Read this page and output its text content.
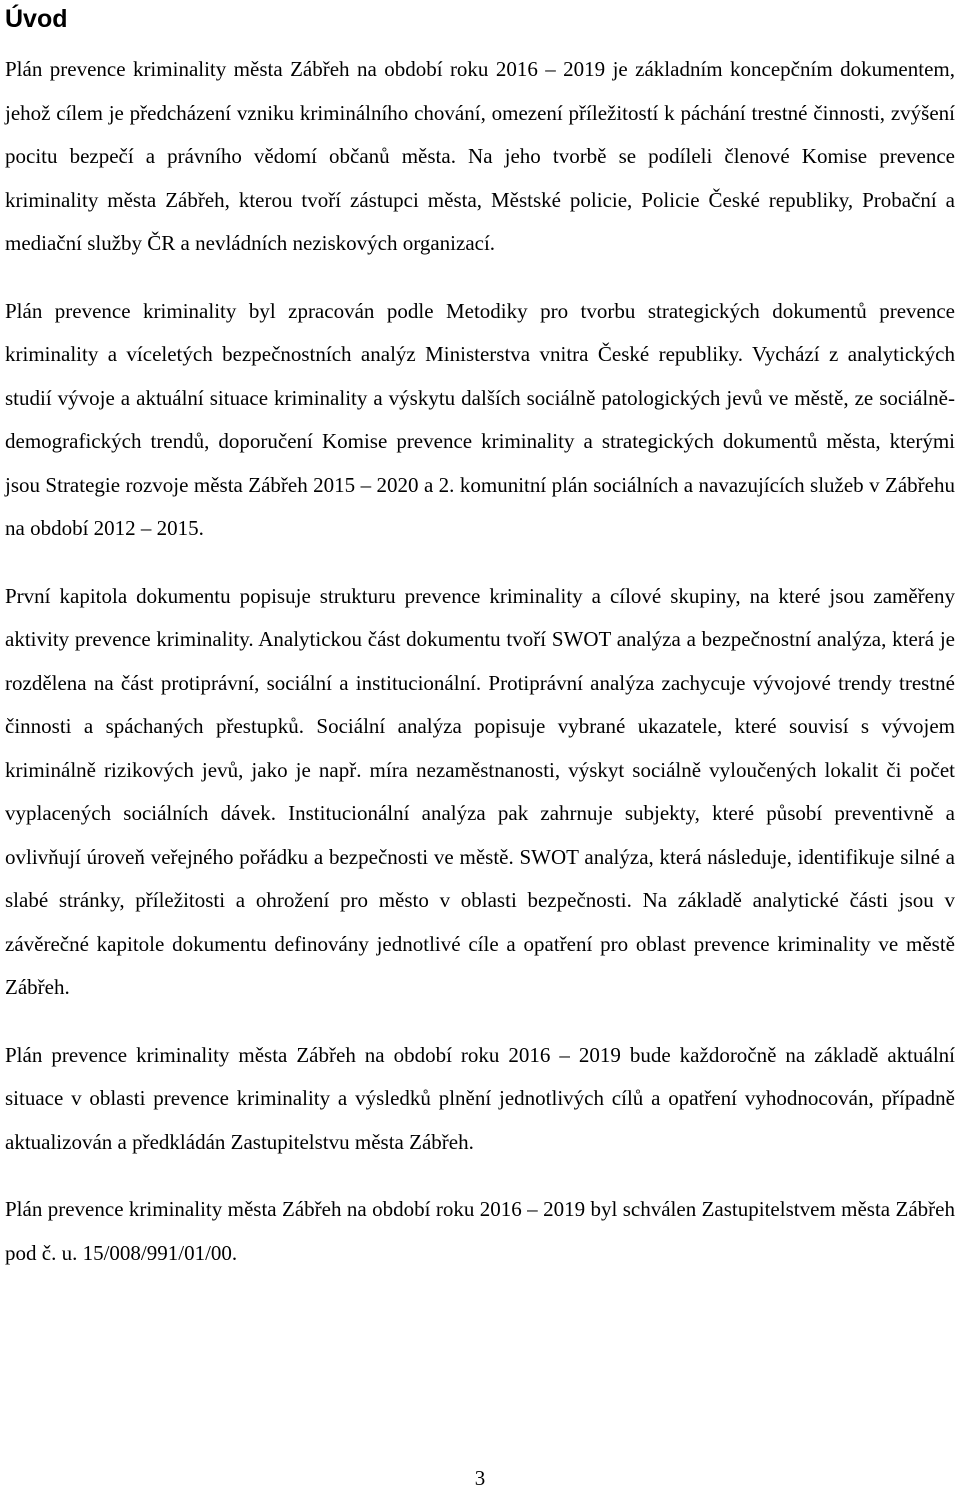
Úvod

Plán prevence kriminality města Zábřeh na období roku 2016 – 2019 je základním koncepčním dokumentem, jehož cílem je předcházení vzniku kriminálního chování, omezení příležitostí k páchání trestné činnosti, zvýšení pocitu bezpečí a právního vědomí občanů města. Na jeho tvorbě se podíleli členové Komise prevence kriminality města Zábřeh, kterou tvoří zástupci města, Městské policie, Policie České republiky, Probační a mediační služby ČR a nevládních neziskových organizací.

Plán prevence kriminality byl zpracován podle Metodiky pro tvorbu strategických dokumentů prevence kriminality a víceletých bezpečnostních analýz Ministerstva vnitra České republiky. Vychází z analytických studií vývoje a aktuální situace kriminality a výskytu dalších sociálně patologických jevů ve městě, ze sociálně-demografických trendů, doporučení Komise prevence kriminality a strategických dokumentů města, kterými jsou Strategie rozvoje města Zábřeh 2015 – 2020 a 2. komunitní plán sociálních a navazujících služeb v Zábřehu na období 2012 – 2015.

První kapitola dokumentu popisuje strukturu prevence kriminality a cílové skupiny, na které jsou zaměřeny aktivity prevence kriminality. Analytickou část dokumentu tvoří SWOT analýza a bezpečnostní analýza, která je rozdělena na část protiprávní, sociální a institucionální. Protiprávní analýza zachycuje vývojové trendy trestné činnosti a spáchaných přestupků. Sociální analýza popisuje vybrané ukazatele, které souvisí s vývojem kriminálně rizikových jevů, jako je např. míra nezaměstnanosti, výskyt sociálně vyloučených lokalit či počet vyplacených sociálních dávek. Institucionální analýza pak zahrnuje subjekty, které působí preventivně a ovlivňují úroveň veřejného pořádku a bezpečnosti ve městě. SWOT analýza, která následuje, identifikuje silné a slabé stránky, příležitosti a ohrožení pro město v oblasti bezpečnosti. Na základě analytické části jsou v závěrečné kapitole dokumentu definovány jednotlivé cíle a opatření pro oblast prevence kriminality ve městě Zábřeh.

Plán prevence kriminality města Zábřeh na období roku 2016 – 2019 bude každoročně na základě aktuální situace v oblasti prevence kriminality a výsledků plnění jednotlivých cílů a opatření vyhodnocován, případně aktualizován a předkládán Zastupitelstvu města Zábřeh.

Plán prevence kriminality města Zábřeh na období roku 2016 – 2019 byl schválen Zastupitelstvem města Zábřeh pod č. u. 15/008/991/01/00.

3
